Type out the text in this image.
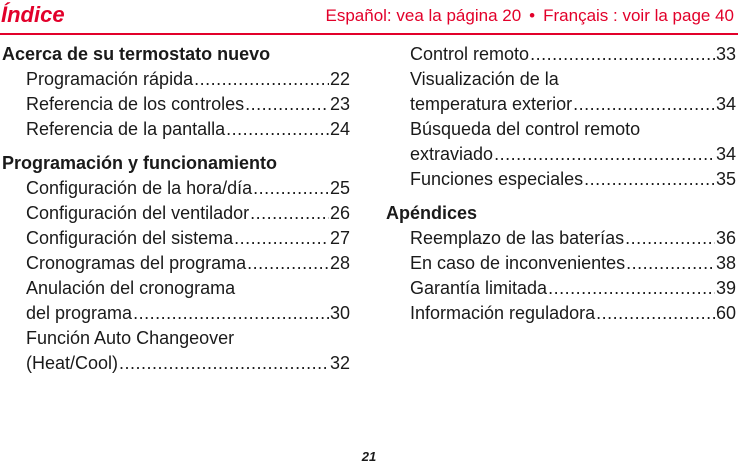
Índice	Español: vea la página 20 • Français : voir la page 40
Acerca de su termostato nuevo
Programación rápida .....	22
Referencia de los controles .....	23
Referencia de la pantalla .....	24
Programación y funcionamiento
Configuración de la hora/día .....	25
Configuración del ventilador .....	26
Configuración del sistema .....	27
Cronogramas del programa .....	28
Anulación del cronograma
del programa .....	30
Función Auto Changeover
(Heat/Cool) .....	32
Control remoto .....	33
Visualización de la
temperatura exterior .....	34
Búsqueda del control remoto
extraviado .....	34
Funciones especiales .....	35
Apéndices
Reemplazo de las baterías .....	36
En caso de inconvenientes .....	38
Garantía limitada .....	39
Información reguladora .....	60
21
